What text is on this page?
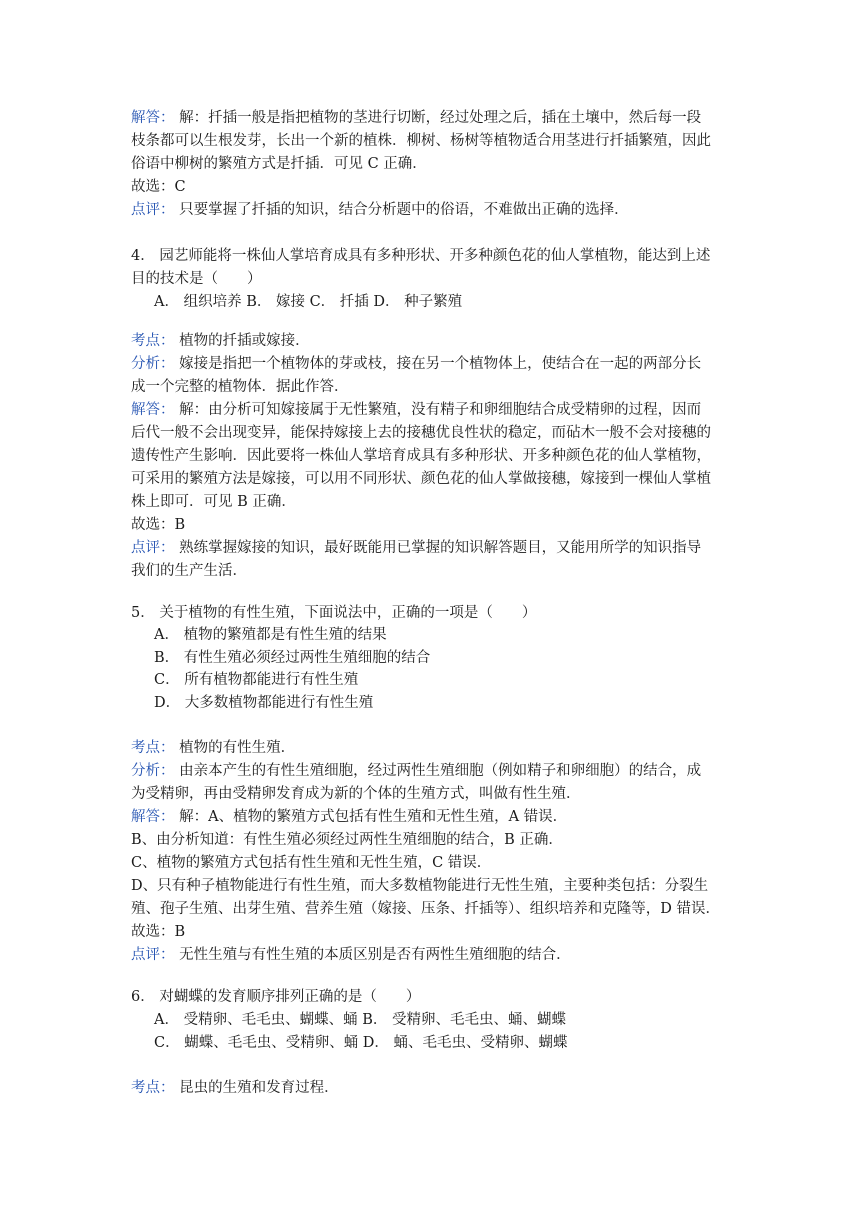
解答： 解：扦插一般是指把植物的茎进行切断，经过处理之后，插在土壤中，然后每一段
枝条都可以生根发芽，长出一个新的植株．柳树、杨树等植物适合用茎进行扦插繁殖，因此
俗语中柳树的繁殖方式是扦插．可见 C 正确．
故选：C
点评： 只要掌握了扦插的知识，结合分析题中的俗语，不难做出正确的选择．
4． 园艺师能将一株仙人掌培育成具有多种形状、开多种颜色花的仙人掌植物，能达到上述
目的技术是（　　）
A． 组织培养 B． 嫁接 C． 扦插 D． 种子繁殖
考点： 植物的扦插或嫁接．
分析： 嫁接是指把一个植物体的芽或枝，接在另一个植物体上，使结合在一起的两部分长
成一个完整的植物体．据此作答．
解答： 解：由分析可知嫁接属于无性繁殖，没有精子和卵细胞结合成受精卵的过程，因而
后代一般不会出现变异，能保持嫁接上去的接穗优良性状的稳定，而砧木一般不会对接穗的
遗传性产生影响．因此要将一株仙人掌培育成具有多种形状、开多种颜色花的仙人掌植物，
可采用的繁殖方法是嫁接，可以用不同形状、颜色花的仙人掌做接穗，嫁接到一棵仙人掌植
株上即可．可见 B 正确．
故选：B
点评： 熟练掌握嫁接的知识，最好既能用已掌握的知识解答题目，又能用所学的知识指导
我们的生产生活．
5． 关于植物的有性生殖，下面说法中，正确的一项是（　　）
A． 植物的繁殖都是有性生殖的结果
B． 有性生殖必须经过两性生殖细胞的结合
C． 所有植物都能进行有性生殖
D． 大多数植物都能进行有性生殖
考点： 植物的有性生殖．
分析： 由亲本产生的有性生殖细胞，经过两性生殖细胞（例如精子和卵细胞）的结合，成
为受精卵，再由受精卵发育成为新的个体的生殖方式，叫做有性生殖．
解答： 解：A、植物的繁殖方式包括有性生殖和无性生殖，A 错误．
B、由分析知道：有性生殖必须经过两性生殖细胞的结合，B 正确．
C、植物的繁殖方式包括有性生殖和无性生殖，C 错误．
D、只有种子植物能进行有性生殖，而大多数植物能进行无性生殖，主要种类包括：分裂生
殖、孢子生殖、出芽生殖、营养生殖（嫁接、压条、扦插等）、组织培养和克隆等，D 错误．
故选：B
点评： 无性生殖与有性生殖的本质区别是否有两性生殖细胞的结合．
6． 对蝴蝶的发育顺序排列正确的是（　　）
A． 受精卵、毛毛虫、蝴蝶、蛹 B． 受精卵、毛毛虫、蛹、蝴蝶
C． 蝴蝶、毛毛虫、受精卵、蛹 D． 蛹、毛毛虫、受精卵、蝴蝶
考点： 昆虫的生殖和发育过程．
